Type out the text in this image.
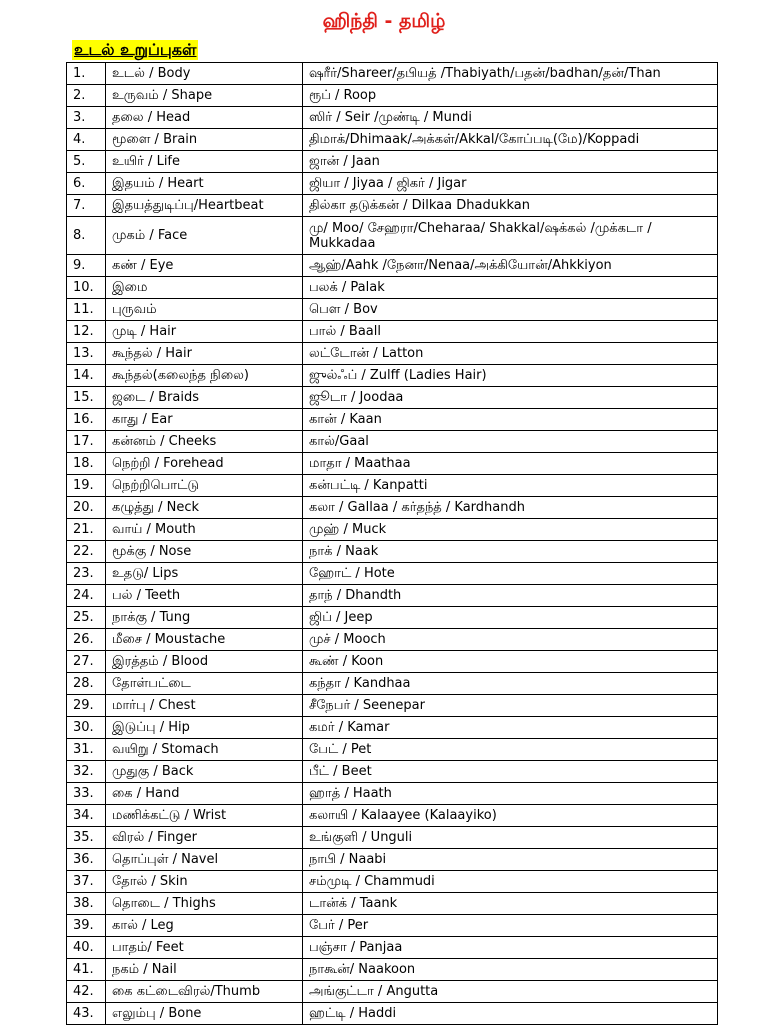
ஹிந்தி - தமிழ்
உடல் உறுப்புகள்
1.	உடல் / Body	ஷரீர்/Shareer/தபியத் /Thabiyath/பதன்/badhan/தன்/Than
2.	உருவம் / Shape	ரூப் / Roop
3.	தலை / Head	ஸிர் / Seir /முண்டி / Mundi
4.	மூளை / Brain	திமாக்/Dhimaak/அக்கள்/Akkal/கோப்படி(மே)/Koppadi
5.	உயிர் / Life	ஜான் / Jaan
6.	இதயம் / Heart	ஜியா / Jiyaa / ஜிகர் / Jigar
7.	இதயத்துடிப்பு/Heartbeat	தில்கா தடுக்கன் / Dilkaa Dhadukkan
8.	முகம் / Face	மு/ Moo/ சேஹரா/Cheharaa/ Shakkal/ஷக்கல் /முக்கடா / Mukkadaa
9.	கண் / Eye	ஆஹ்/Aahk /நேனா/Nenaa/அக்கியோன்/Ahkkiyon
10.	இமை	பலக் / Palak
11.	புருவம்	பௌ / Bov
12.	முடி / Hair	பால் / Baall
13.	கூந்தல் / Hair	லட்டோன் / Latton
14.	கூந்தல்(கலைந்த நிலை)	ஜுல்ஃப் / Zulff (Ladies Hair)
15.	ஜடை / Braids	ஜூடா / Joodaa
16.	காது / Ear	கான் / Kaan
17.	கன்னம் / Cheeks	கால்/Gaal
18.	நெற்றி / Forehead	மாதா / Maathaa
19.	நெற்றிபொட்டு	கன்பட்டி / Kanpatti
20.	கழுத்து / Neck	கலா / Gallaa / கர்தந்த் / Kardhandh
21.	வாய் / Mouth	முஹ் / Muck
22.	மூக்கு / Nose	நாக் / Naak
23.	உதடு/ Lips	ஹோட் / Hote
24.	பல் / Teeth	தாந் / Dhandth
25.	நாக்கு / Tung	ஜிப் / Jeep
26.	மீசை / Moustache	முச் / Mooch
27.	இரத்தம் / Blood	கூண் / Koon
28.	தோள்பட்டை	கந்தா / Kandhaa
29.	மார்பு / Chest	சீநேபர் / Seenepar
30.	இடுப்பு / Hip	கமர் / Kamar
31.	வயிறு / Stomach	பேட் / Pet
32.	முதுகு / Back	பீட் / Beet
33.	கை / Hand	ஹாத் / Haath
34.	மணிக்கட்டு / Wrist	கலாயி / Kalaayee (Kalaayiko)
35.	விரல் / Finger	உங்குளி / Unguli
36.	தொப்புள் / Navel	நாபி / Naabi
37.	தோல் / Skin	சம்முடி / Chammudi
38.	தொடை / Thighs	டான்க் / Taank
39.	கால் / Leg	பேர் / Per
40.	பாதம்/ Feet	பஞ்சா / Panjaa
41.	நகம் / Nail	நாகூன்/ Naakoon
42.	கை கட்டைவிரல்/Thumb	அங்குட்டா / Angutta
43.	எலும்பு / Bone	ஹட்டி / Haddi
